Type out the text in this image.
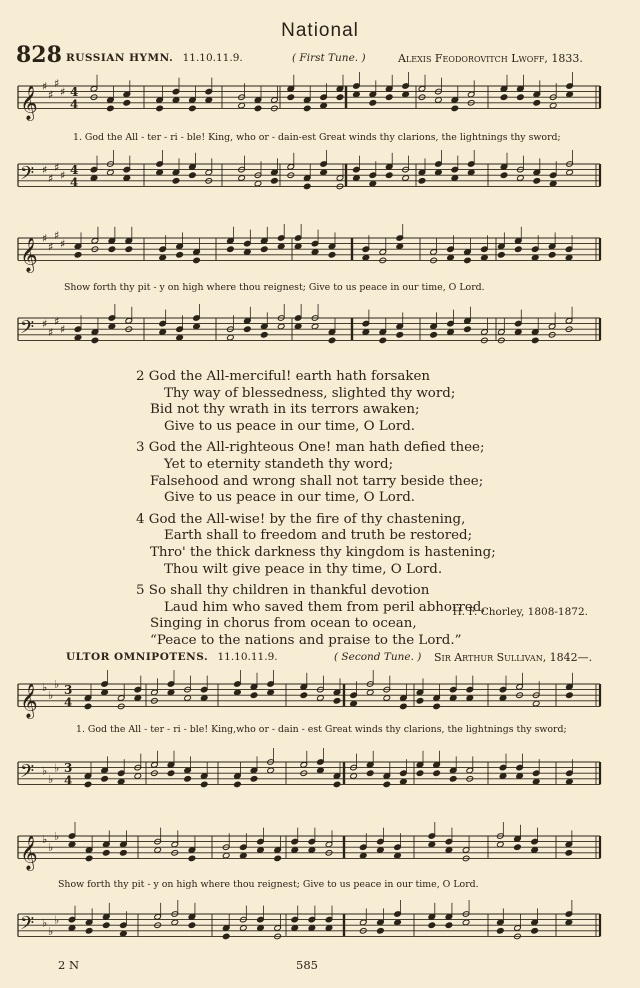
National
828 RUSSIAN HYMN. 11.10.11.9.	( First Tune. )	Alexis Feodorovitch Lwoff, 1833.
𝄞 ♯
♯
♯
♯ 4
4
1. God the All - ter - ri - ble! King, who or - dain-est Great winds thy clarions, the lightnings thy sword;
𝄢 ♯
♯
♯
♯ 4
4
𝄞 ♯
♯
♯
♯
Show forth thy pit - y on high where thou reignest; Give to us peace in our time, O Lord.
𝄢 ♯
♯
♯
♯
2 God the All-merciful! earth hath forsaken
Thy way of blessedness, slighted thy word;
Bid not thy wrath in its terrors awaken;
Give to us peace in our time, O Lord.
3 God the All-righteous One! man hath defied thee;
Yet to eternity standeth thy word;
Falsehood and wrong shall not tarry beside thee;
Give to us peace in our time, O Lord.
4 God the All-wise! by the fire of thy chastening,
Earth shall to freedom and truth be restored;
Thro' the thick darkness thy kingdom is hastening;
Thou wilt give peace in thy time, O Lord.
5 So shall thy children in thankful devotion
Laud him who saved them from peril abhorred,
Singing in chorus from ocean to ocean,
“Peace to the nations and praise to the Lord.”
H. F. Chorley, 1808-1872.
ULTOR OMNIPOTENS. 11.10.11.9.	( Second Tune. ) Sir Arthur Sullivan, 1842—.
𝄞 ♭
♭
♭ 3
4
1. God the All - ter - ri - ble! King,who or - dain - est Great winds thy clarions, the lightnings thy sword;
𝄢 ♭
♭
♭ 3
4
𝄞 ♭
♭
♭
Show forth thy pit - y on high where thou reignest; Give to us peace in our time, O Lord.
𝄢 ♭
♭
♭
2 N	585
